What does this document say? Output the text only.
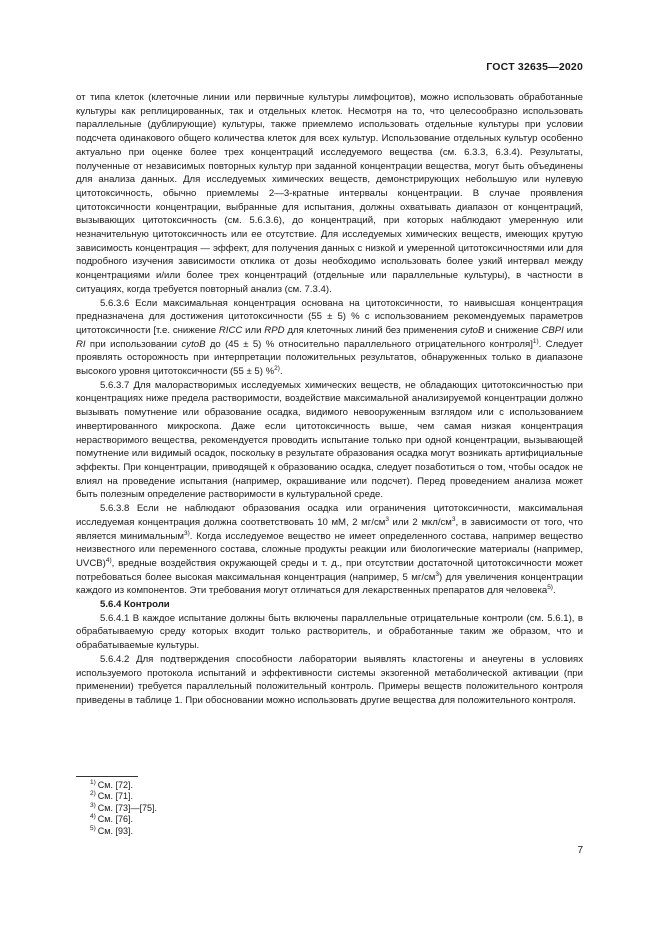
ГОСТ 32635—2020

от типа клеток (клеточные линии или первичные культуры лимфоцитов), можно использовать обработанные культуры как реплицированных, так и отдельных клеток. Несмотря на то, что целесообразно использовать параллельные (дублирующие) культуры, также приемлемо использовать отдельные культуры при условии подсчета одинакового общего количества клеток для всех культур. Использование отдельных культур особенно актуально при оценке более трех концентраций исследуемого вещества (см. 6.3.3, 6.3.4). Результаты, полученные от независимых повторных культур при заданной концентрации вещества, могут быть объединены для анализа данных. Для исследуемых химических веществ, демонстрирующих небольшую или нулевую цитотоксичность, обычно приемлемы 2—3-кратные интервалы концентрации. В случае проявления цитотоксичности концентрации, выбранные для испытания, должны охватывать диапазон от концентраций, вызывающих цитотоксичность (см. 5.6.3.6), до концентраций, при которых наблюдают умеренную или незначительную цитотоксичность или ее отсутствие. Для исследуемых химических веществ, имеющих крутую зависимость концентрация — эффект, для получения данных с низкой и умеренной цитотоксичностями или для подробного изучения зависимости отклика от дозы необходимо использовать более узкий интервал между концентрациями и/или более трех концентраций (отдельные или параллельные культуры), в частности в ситуациях, когда требуется повторный анализ (см. 7.3.4).

5.6.3.6 Если максимальная концентрация основана на цитотоксичности, то наивысшая концентрация предназначена для достижения цитотоксичности (55 ± 5) % с использованием рекомендуемых параметров цитотоксичности [т.е. снижение RICC или RPD для клеточных линий без применения cytoB и снижение CBPI или RI при использовании cytoB до (45 ± 5) % относительно параллельного отрицательного контроля]$^{1)}$. Следует проявлять осторожность при интерпретации положительных результатов, обнаруженных только в диапазоне высокого уровня цитотоксичности (55 ± 5) %$^{2)}$.

5.6.3.7 Для малорастворимых исследуемых химических веществ, не обладающих цитотоксичностью при концентрациях ниже предела растворимости, воздействие максимальной анализируемой концентрации должно вызывать помутнение или образование осадка, видимого невооруженным взглядом или с использованием инвертированного микроскопа. Даже если цитотоксичность выше, чем самая низкая концентрация нерастворимого вещества, рекомендуется проводить испытание только при одной концентрации, вызывающей помутнение или видимый осадок, поскольку в результате образования осадка могут возникать артифициальные эффекты. При концентрации, приводящей к образованию осадка, следует позаботиться о том, чтобы осадок не влиял на проведение испытания (например, окрашивание или подсчет). Перед проведением анализа может быть полезным определение растворимости в культуральной среде.

5.6.3.8 Если не наблюдают образования осадка или ограничения цитотоксичности, максимальная исследуемая концентрация должна соответствовать 10 мМ, 2 $мг/см^3$ или 2 мкл/$см^3$, в зависимости от того, что является минимальным$^{3)}$. Когда исследуемое вещество не имеет определенного состава, например вещество неизвестного или переменного состава, сложные продукты реакции или биологические материалы (например, UVCB)$^{4)}$, вредные воздействия окружающей среды и т. д., при отсутствии достаточной цитотоксичности может потребоваться более высокая максимальная концентрация (например, 5 $мг/см^3$) для увеличения концентрации каждого из компонентов. Эти требования могут отличаться для лекарственных препаратов для человека$^{5)}$.

5.6.4 Контроли

5.6.4.1 В каждое испытание должны быть включены параллельные отрицательные контроли (см. 5.6.1), в обрабатываемую среду которых входит только растворитель, и обработанные таким же образом, что и обрабатываемые культуры.

5.6.4.2 Для подтверждения способности лаборатории выявлять кластогены и анеугены в условиях используемого протокола испытаний и эффективности системы экзогенной метаболической активации (при применении) требуется параллельный положительный контроль. Примеры веществ положительного контроля приведены в таблице 1. При обосновании можно использовать другие вещества для положительного контроля.

$^{1)}$ См. [72].
$^{2)}$ См. [71].
$^{3)}$ См. [73]—[75].
$^{4)}$ См. [76].
$^{5)}$ См. [93].
7
